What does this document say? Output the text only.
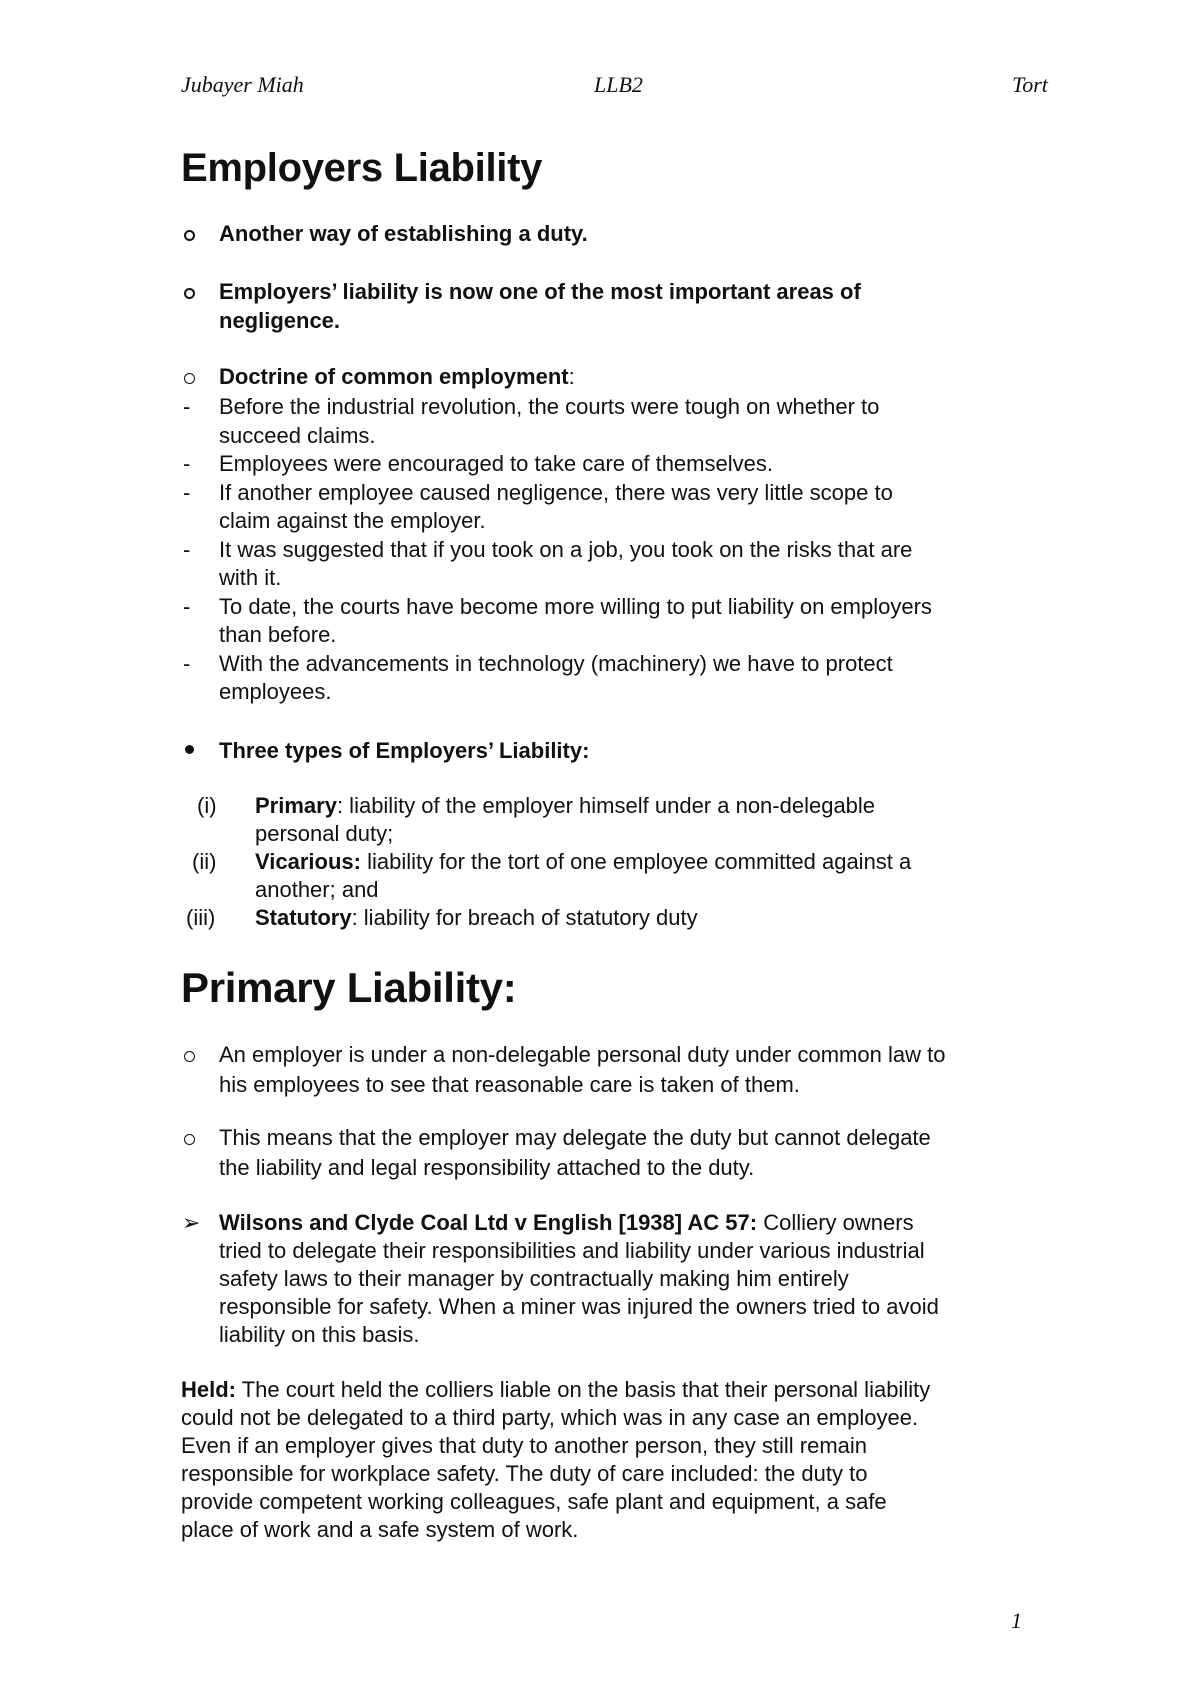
Jubayer Miah	LLB2	Tort
Employers Liability
Another way of establishing a duty.
Employers’ liability is now one of the most important areas of
negligence.
Doctrine of common employment:
- Before the industrial revolution, the courts were tough on whether to
succeed claims.
- Employees were encouraged to take care of themselves.
- If another employee caused negligence, there was very little scope to
claim against the employer.
- It was suggested that if you took on a job, you took on the risks that are
with it.
- To date, the courts have become more willing to put liability on employers
than before.
- With the advancements in technology (machinery) we have to protect
employees.
Three types of Employers’ Liability:
(i) Primary: liability of the employer himself under a non-delegable
personal duty;
(ii) Vicarious: liability for the tort of one employee committed against a
another; and
(iii) Statutory: liability for breach of statutory duty
Primary Liability:
An employer is under a non-delegable personal duty under common law to
his employees to see that reasonable care is taken of them.
This means that the employer may delegate the duty but cannot delegate
the liability and legal responsibility attached to the duty.
➢ Wilsons and Clyde Coal Ltd v English [1938] AC 57: Colliery owners
tried to delegate their responsibilities and liability under various industrial
safety laws to their manager by contractually making him entirely
responsible for safety. When a miner was injured the owners tried to avoid
liability on this basis.
Held: The court held the colliers liable on the basis that their personal liability
could not be delegated to a third party, which was in any case an employee.
Even if an employer gives that duty to another person, they still remain
responsible for workplace safety. The duty of care included: the duty to
provide competent working colleagues, safe plant and equipment, a safe
place of work and a safe system of work.
1
